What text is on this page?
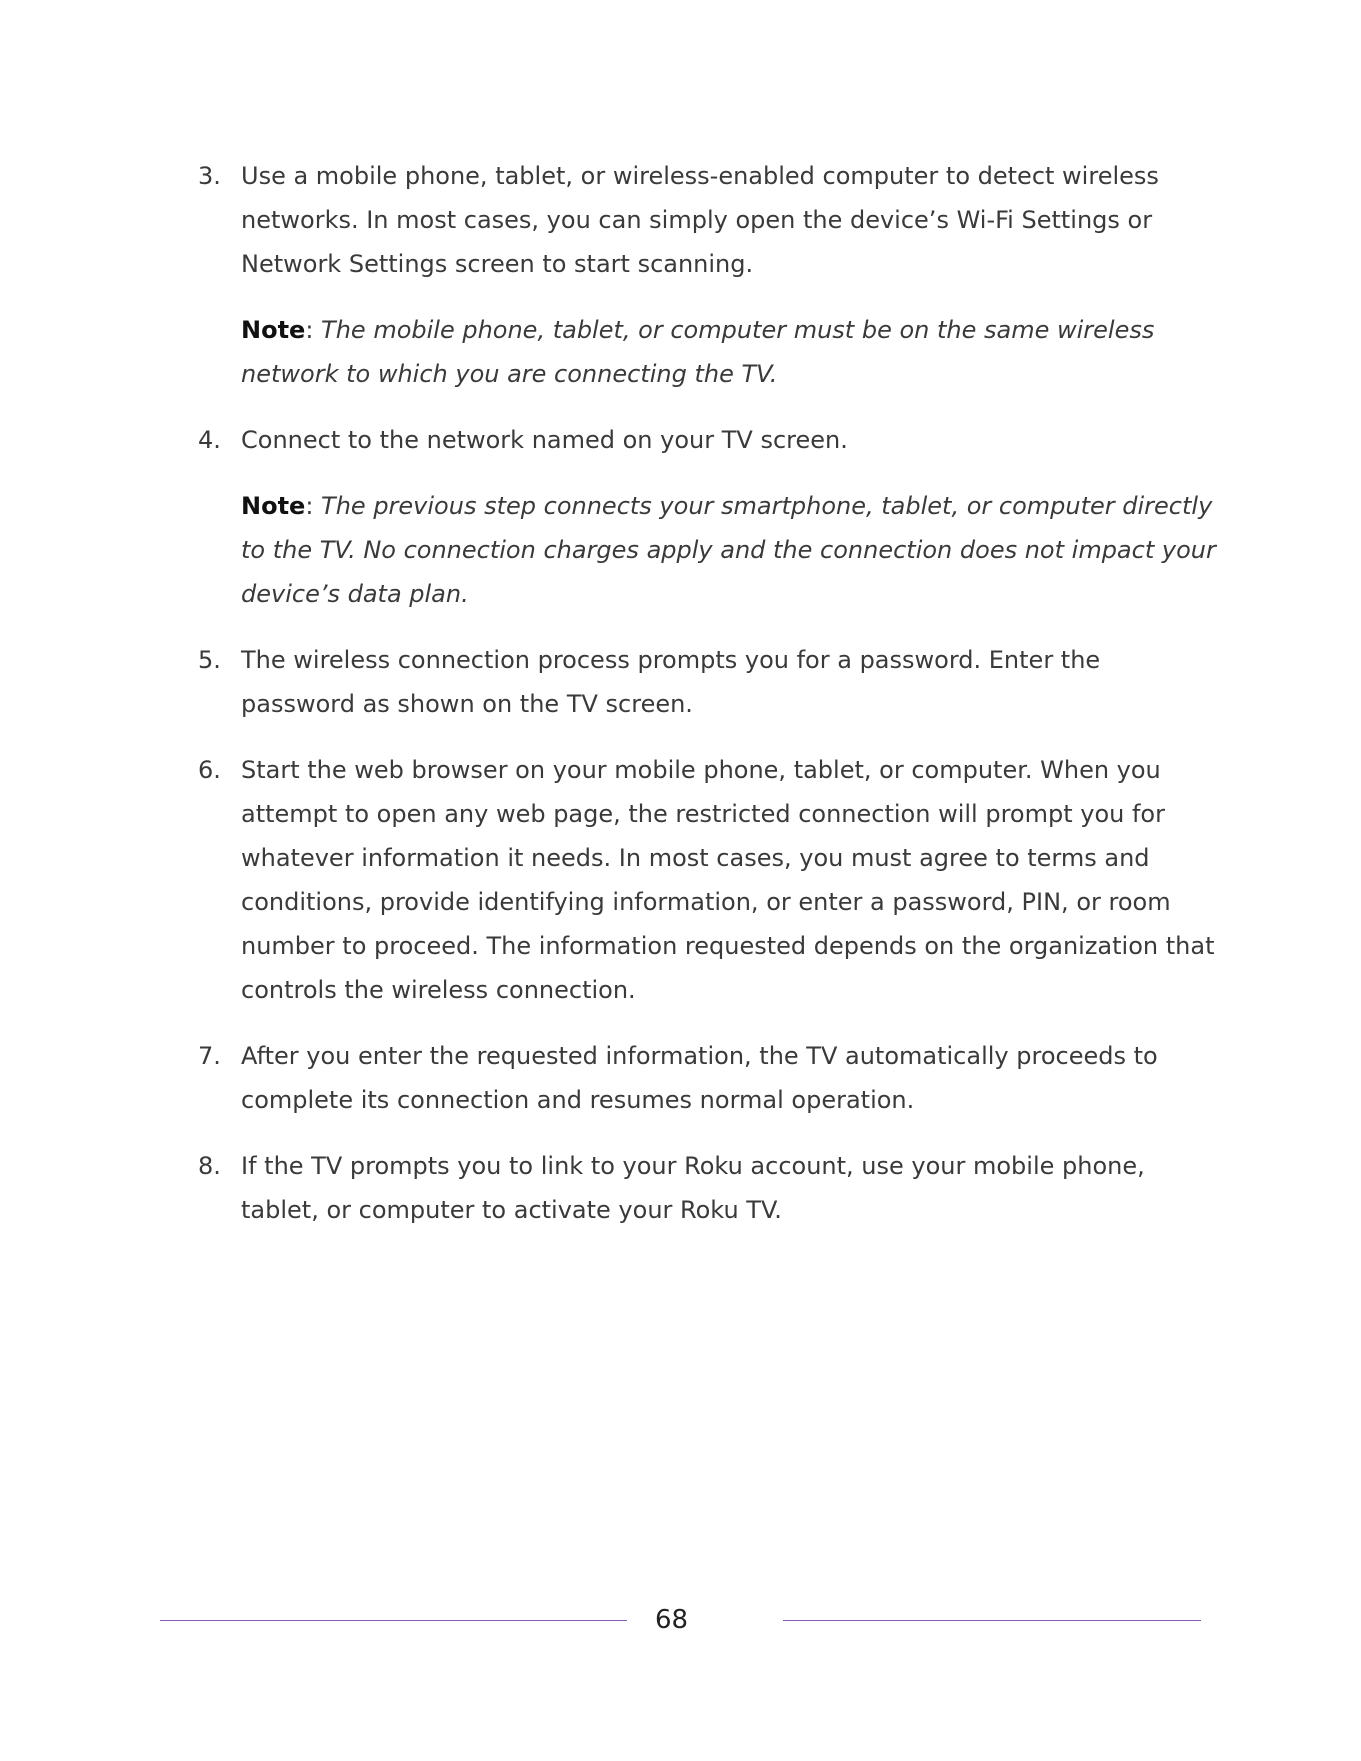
3. Use a mobile phone, tablet, or wireless-enabled computer to detect wireless networks. In most cases, you can simply open the device’s Wi-Fi Settings or Network Settings screen to start scanning.
Note: The mobile phone, tablet, or computer must be on the same wireless network to which you are connecting the TV.
4. Connect to the network named on your TV screen.
Note: The previous step connects your smartphone, tablet, or computer directly to the TV. No connection charges apply and the connection does not impact your device’s data plan.
5. The wireless connection process prompts you for a password. Enter the password as shown on the TV screen.
6. Start the web browser on your mobile phone, tablet, or computer. When you attempt to open any web page, the restricted connection will prompt you for whatever information it needs. In most cases, you must agree to terms and conditions, provide identifying information, or enter a password, PIN, or room number to proceed. The information requested depends on the organization that controls the wireless connection.
7. After you enter the requested information, the TV automatically proceeds to complete its connection and resumes normal operation.
8. If the TV prompts you to link to your Roku account, use your mobile phone, tablet, or computer to activate your Roku TV.
68
